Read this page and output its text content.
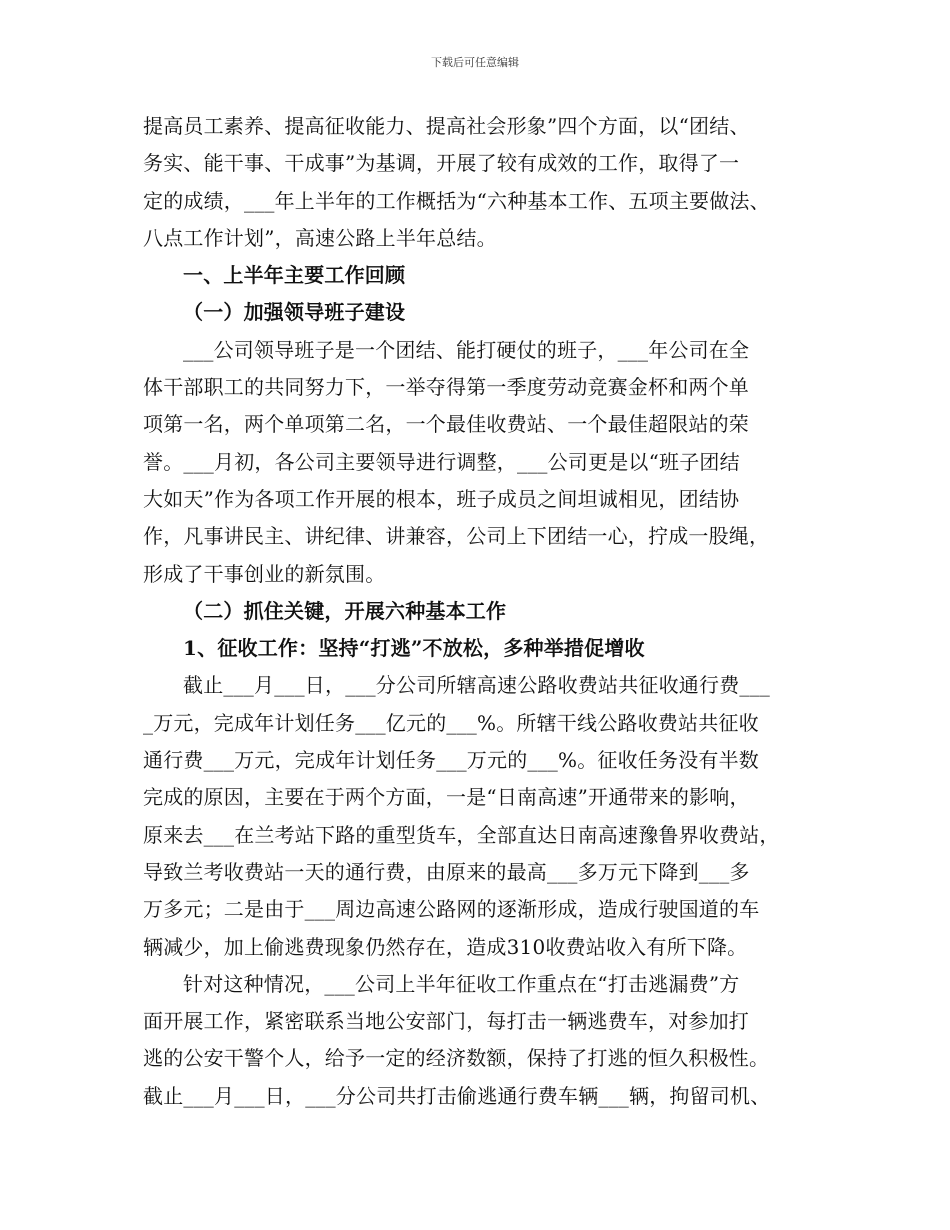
下载后可任意编辑
提高员工素养、提高征收能力、提高社会形象”四个方面，以“团结、
务实、能干事、干成事”为基调，开展了较有成效的工作，取得了一
定的成绩，___年上半年的工作概括为“六种基本工作、五项主要做法、
八点工作计划”，高速公路上半年总结。
一、上半年主要工作回顾
（一）加强领导班子建设
___公司领导班子是一个团结、能打硬仗的班子，___年公司在全
体干部职工的共同努力下，一举夺得第一季度劳动竞赛金杯和两个单
项第一名，两个单项第二名，一个最佳收费站、一个最佳超限站的荣
誉。___月初，各公司主要领导进行调整，___公司更是以“班子团结
大如天”作为各项工作开展的根本，班子成员之间坦诚相见，团结协
作，凡事讲民主、讲纪律、讲兼容，公司上下团结一心，拧成一股绳，
形成了干事创业的新氛围。
（二）抓住关键，开展六种基本工作
1、征收工作：坚持“打逃”不放松，多种举措促增收
截止___月___日，___分公司所辖高速公路收费站共征收通行费___
_万元，完成年计划任务___亿元的___%。所辖干线公路收费站共征收
通行费___万元，完成年计划任务___万元的___%。征收任务没有半数
完成的原因，主要在于两个方面，一是“日南高速”开通带来的影响，
原来去___在兰考站下路的重型货车，全部直达日南高速豫鲁界收费站，
导致兰考收费站一天的通行费，由原来的最高___多万元下降到___多
万多元；二是由于___周边高速公路网的逐渐形成，造成行驶国道的车
辆减少，加上偷逃费现象仍然存在，造成310收费站收入有所下降。
针对这种情况，___公司上半年征收工作重点在“打击逃漏费”方
面开展工作，紧密联系当地公安部门，每打击一辆逃费车，对参加打
逃的公安干警个人，给予一定的经济数额，保持了打逃的恒久积极性。
截止___月___日，___分公司共打击偷逃通行费车辆___辆，拘留司机、
